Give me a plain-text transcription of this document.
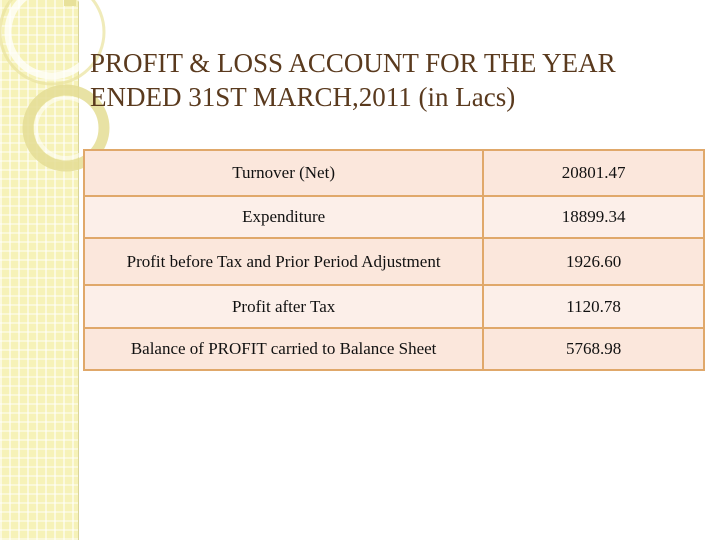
PROFIT & LOSS ACCOUNT FOR THE YEAR
ENDED 31ST MARCH,2011 (in Lacs)
Turnover (Net)	20801.47
Expenditure	18899.34
Profit before Tax and Prior Period Adjustment	1926.60
Profit after Tax	1120.78
Balance of PROFIT carried to Balance Sheet	5768.98
